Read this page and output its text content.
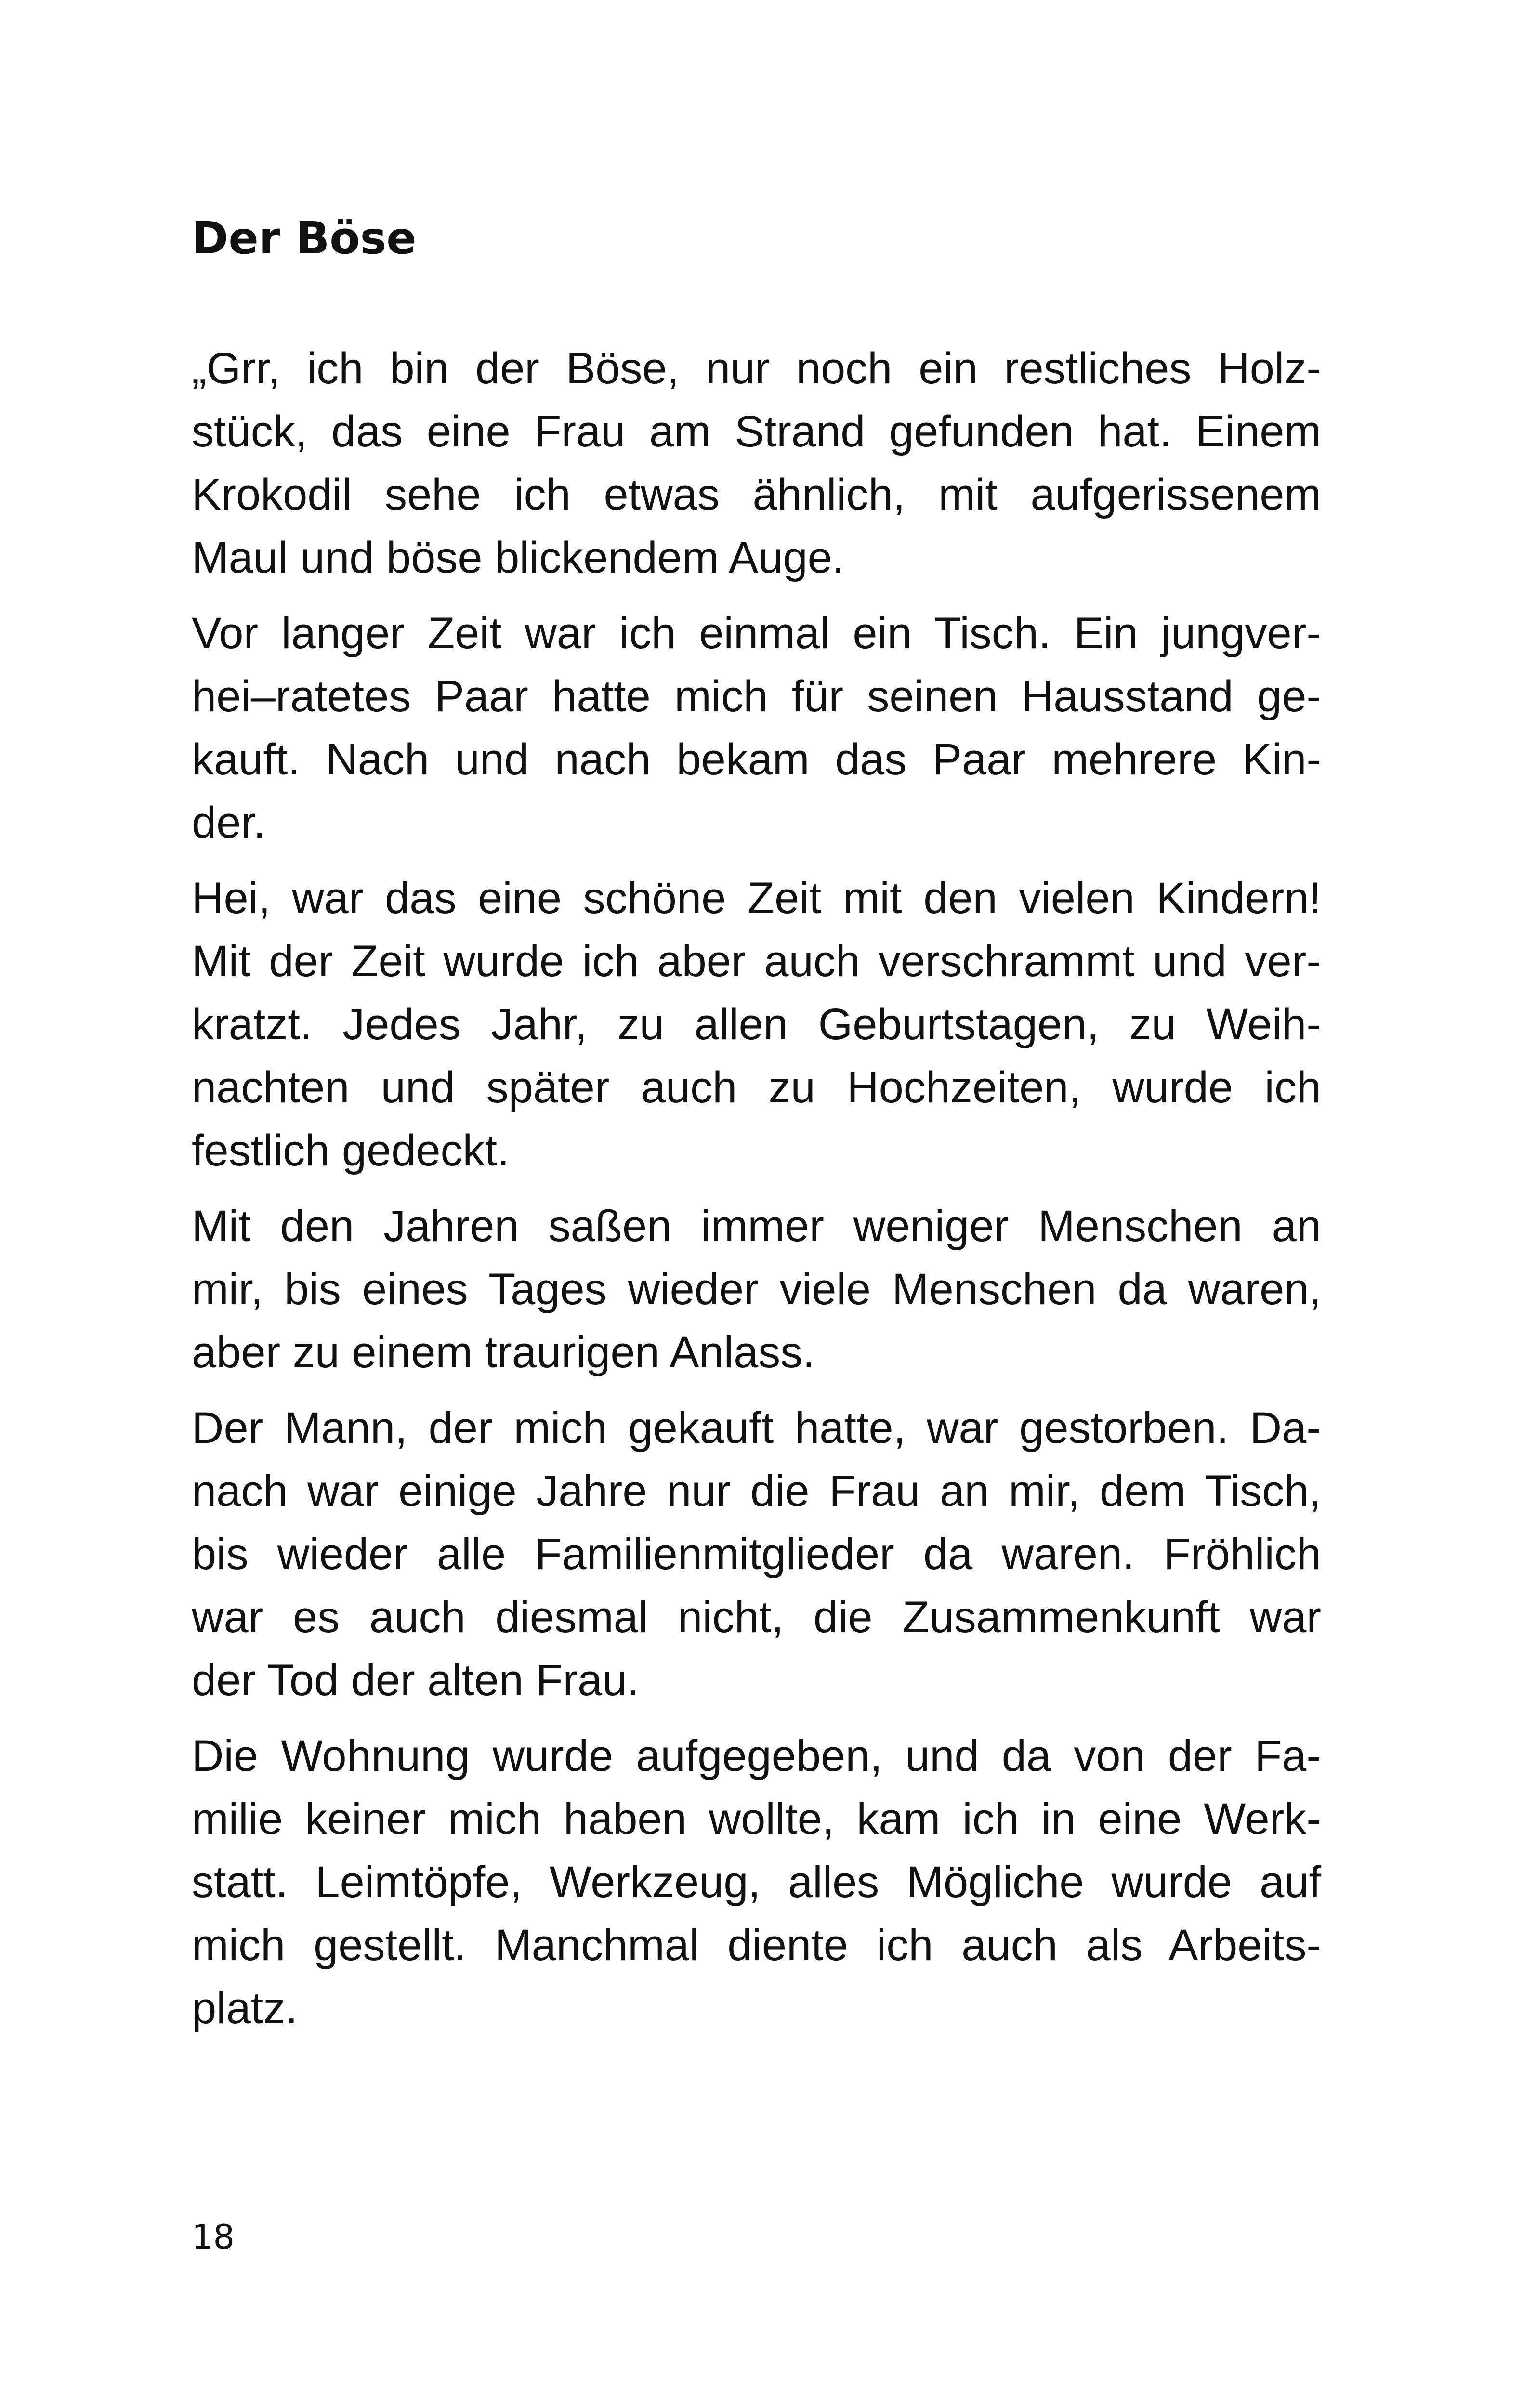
Der Böse
„Grr, ich bin der Böse, nur noch ein restliches Holz-
stück, das eine Frau am Strand gefunden hat. Einem
Krokodil sehe ich etwas ähnlich, mit aufgerissenem
Maul und böse blickendem Auge.
Vor langer Zeit war ich einmal ein Tisch. Ein jungver-
hei–ratetes Paar hatte mich für seinen Hausstand ge-
kauft. Nach und nach bekam das Paar mehrere Kin-
der.
Hei, war das eine schöne Zeit mit den vielen Kindern!
Mit der Zeit wurde ich aber auch verschrammt und ver-
kratzt. Jedes Jahr, zu allen Geburtstagen, zu Weih-
nachten und später auch zu Hochzeiten, wurde ich
festlich gedeckt.
Mit den Jahren saßen immer weniger Menschen an
mir, bis eines Tages wieder viele Menschen da waren,
aber zu einem traurigen Anlass.
Der Mann, der mich gekauft hatte, war gestorben. Da-
nach war einige Jahre nur die Frau an mir, dem Tisch,
bis wieder alle Familienmitglieder da waren. Fröhlich
war es auch diesmal nicht, die Zusammenkunft war
der Tod der alten Frau.
Die Wohnung wurde aufgegeben, und da von der Fa-
milie keiner mich haben wollte, kam ich in eine Werk-
statt. Leimtöpfe, Werkzeug, alles Mögliche wurde auf
mich gestellt. Manchmal diente ich auch als Arbeits-
platz.
18
